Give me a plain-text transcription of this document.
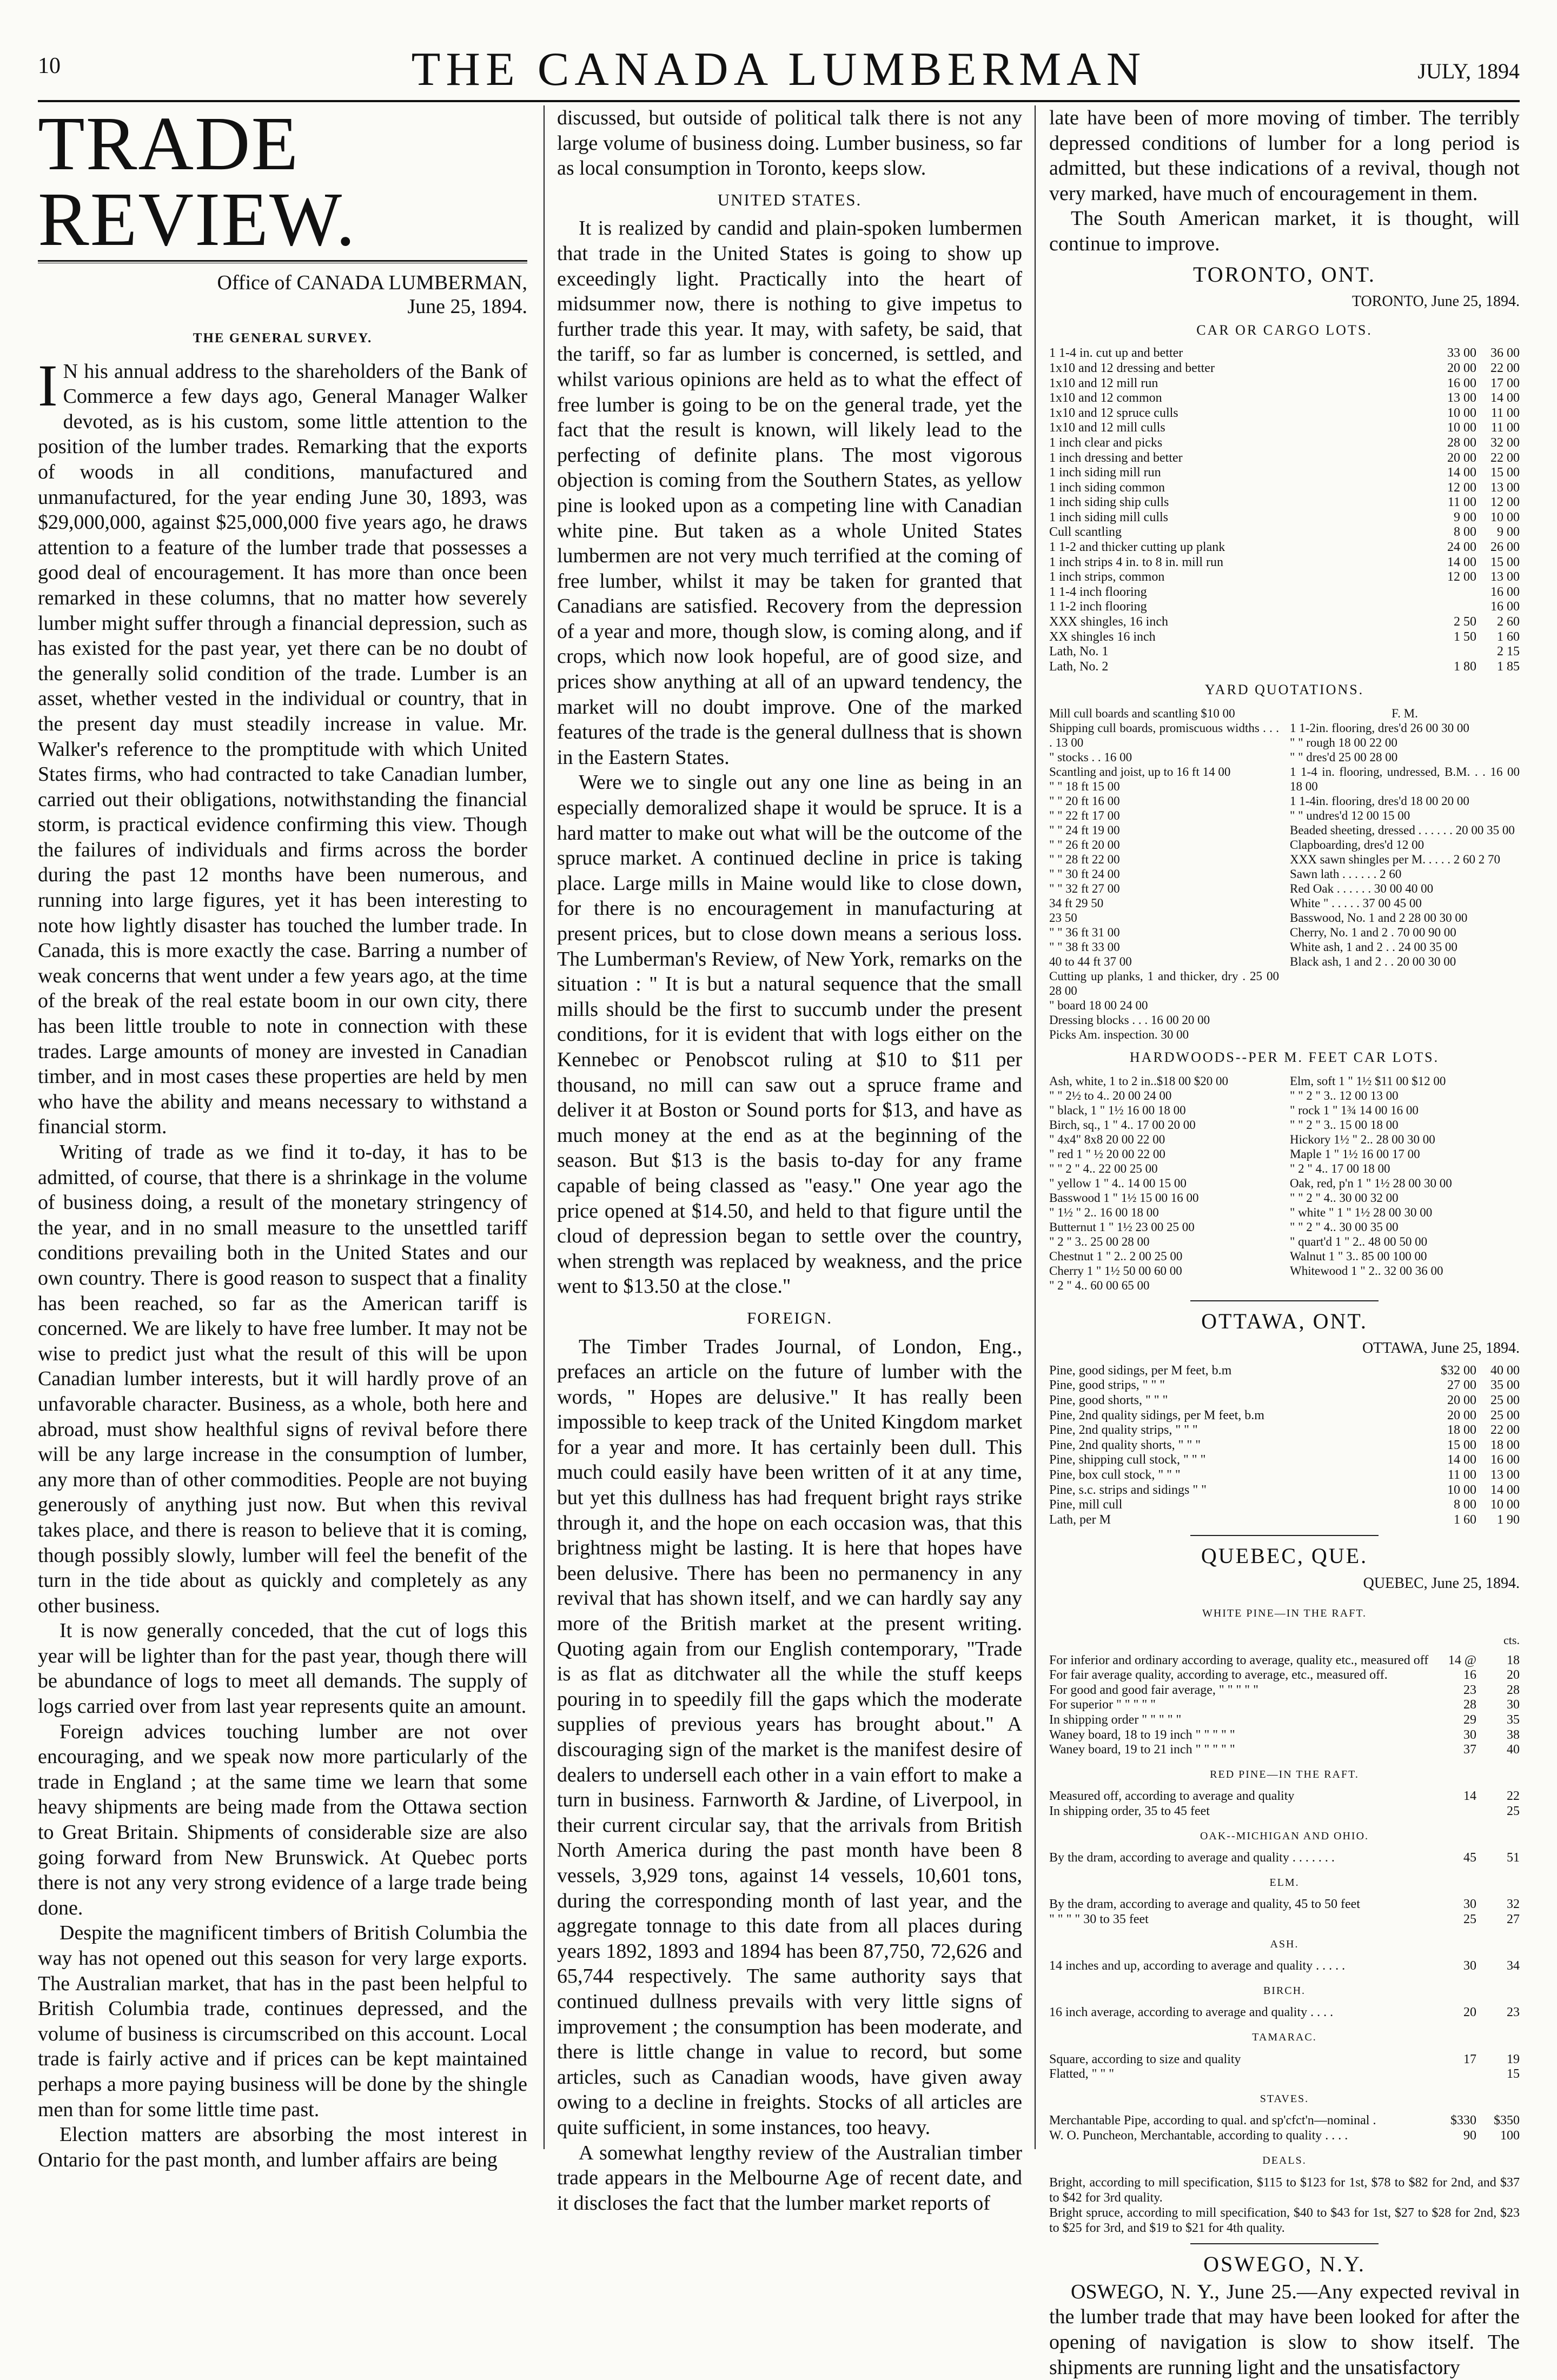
10	THE CANADA LUMBERMAN	JULY, 1894
TRADE REVIEW.
Office of CANADA LUMBERMAN,
June 25, 1894.
THE GENERAL SURVEY.

I N his annual address to the shareholders of the Bank of Commerce a few days ago, General Manager Walker devoted, as is his custom, some little attention to the position of the lumber trades. Remarking that the exports of woods in all conditions, manufactured and unmanufactured, for the year ending June 30, 1893, was $29,000,000, against $25,000,000 five years ago, he draws attention to a feature of the lumber trade that possesses a good deal of encouragement. It has more than once been remarked in these columns, that no matter how severely lumber might suffer through a financial depression, such as has existed for the past year, yet there can be no doubt of the generally solid condition of the trade. Lumber is an asset, whether vested in the individual or country, that in the present day must steadily increase in value. Mr. Walker's reference to the promptitude with which United States firms, who had contracted to take Canadian lumber, carried out their obligations, notwithstanding the financial storm, is practical evidence confirming this view. Though the failures of individuals and firms across the border during the past 12 months have been numerous, and running into large figures, yet it has been interesting to note how lightly disaster has touched the lumber trade. In Canada, this is more exactly the case. Barring a number of weak concerns that went under a few years ago, at the time of the break of the real estate boom in our own city, there has been little trouble to note in connection with these trades. Large amounts of money are invested in Canadian timber, and in most cases these properties are held by men who have the ability and means necessary to withstand a financial storm.

Writing of trade as we find it to-day, it has to be admitted, of course, that there is a shrinkage in the volume of business doing, a result of the monetary stringency of the year, and in no small measure to the unsettled tariff conditions prevailing both in the United States and our own country. There is good reason to suspect that a finality has been reached, so far as the American tariff is concerned. We are likely to have free lumber. It may not be wise to predict just what the result of this will be upon Canadian lumber interests, but it will hardly prove of an unfavorable character. Business, as a whole, both here and abroad, must show healthful signs of revival before there will be any large increase in the consumption of lumber, any more than of other commodities. People are not buying generously of anything just now. But when this revival takes place, and there is reason to believe that it is coming, though possibly slowly, lumber will feel the benefit of the turn in the tide about as quickly and completely as any other business.

It is now generally conceded, that the cut of logs this year will be lighter than for the past year, though there will be abundance of logs to meet all demands. The supply of logs carried over from last year represents quite an amount.

Foreign advices touching lumber are not over encouraging, and we speak now more particularly of the trade in England ; at the same time we learn that some heavy shipments are being made from the Ottawa section to Great Britain. Shipments of considerable size are also going forward from New Brunswick. At Quebec ports there is not any very strong evidence of a large trade being done.

Despite the magnificent timbers of British Columbia the way has not opened out this season for very large exports. The Australian market, that has in the past been helpful to British Columbia trade, continues depressed, and the volume of business is circumscribed on this account. Local trade is fairly active and if prices can be kept maintained perhaps a more paying business will be done by the shingle men than for some little time past.

Election matters are absorbing the most interest in Ontario for the past month, and lumber affairs are being

discussed, but outside of political talk there is not any large volume of business doing. Lumber business, so far as local consumption in Toronto, keeps slow.

UNITED STATES.

It is realized by candid and plain-spoken lumbermen that trade in the United States is going to show up exceedingly light. Practically into the heart of midsummer now, there is nothing to give impetus to further trade this year. It may, with safety, be said, that the tariff, so far as lumber is concerned, is settled, and whilst various opinions are held as to what the effect of free lumber is going to be on the general trade, yet the fact that the result is known, will likely lead to the perfecting of definite plans. The most vigorous objection is coming from the Southern States, as yellow pine is looked upon as a competing line with Canadian white pine. But taken as a whole United States lumbermen are not very much terrified at the coming of free lumber, whilst it may be taken for granted that Canadians are satisfied. Recovery from the depression of a year and more, though slow, is coming along, and if crops, which now look hopeful, are of good size, and prices show anything at all of an upward tendency, the market will no doubt improve. One of the marked features of the trade is the general dullness that is shown in the Eastern States.

Were we to single out any one line as being in an especially demoralized shape it would be spruce. It is a hard matter to make out what will be the outcome of the spruce market. A continued decline in price is taking place. Large mills in Maine would like to close down, for there is no encouragement in manufacturing at present prices, but to close down means a serious loss. The Lumberman's Review, of New York, remarks on the situation : " It is but a natural sequence that the small mills should be the first to succumb under the present conditions, for it is evident that with logs either on the Kennebec or Penobscot ruling at $10 to $11 per thousand, no mill can saw out a spruce frame and deliver it at Boston or Sound ports for $13, and have as much money at the end as at the beginning of the season. But $13 is the basis to-day for any frame capable of being classed as "easy." One year ago the price opened at $14.50, and held to that figure until the cloud of depression began to settle over the country, when strength was replaced by weakness, and the price went to $13.50 at the close."

FOREIGN.

The Timber Trades Journal, of London, Eng., prefaces an article on the future of lumber with the words, " Hopes are delusive." It has really been impossible to keep track of the United Kingdom market for a year and more. It has certainly been dull. This much could easily have been written of it at any time, but yet this dullness has had frequent bright rays strike through it, and the hope on each occasion was, that this brightness might be lasting. It is here that hopes have been delusive. There has been no permanency in any revival that has shown itself, and we can hardly say any more of the British market at the present writing. Quoting again from our English contemporary, "Trade is as flat as ditchwater all the while the stuff keeps pouring in to speedily fill the gaps which the moderate supplies of previous years has brought about." A discouraging sign of the market is the manifest desire of dealers to undersell each other in a vain effort to make a turn in business. Farnworth & Jardine, of Liverpool, in their current circular say, that the arrivals from British North America during the past month have been 8 vessels, 3,929 tons, against 14 vessels, 10,601 tons, during the corresponding month of last year, and the aggregate tonnage to this date from all places during years 1892, 1893 and 1894 has been 87,750, 72,626 and 65,744 respectively. The same authority says that continued dullness prevails with very little signs of improvement ; the consumption has been moderate, and there is little change in value to record, but some articles, such as Canadian woods, have given away owing to a decline in freights. Stocks of all articles are quite sufficient, in some instances, too heavy.

A somewhat lengthy review of the Australian timber trade appears in the Melbourne Age of recent date, and it discloses the fact that the lumber market reports of

late have been of more moving of timber. The terribly depressed conditions of lumber for a long period is admitted, but these indications of a revival, though not very marked, have much of encouragement in them.

The South American market, it is thought, will continue to improve.

TORONTO, ONT.
TORONTO, June 25, 1894.
CAR OR CARGO LOTS.
1 1-4 in. cut up and better	33 00	36 00
1x10 and 12 dressing and better	20 00	22 00
1x10 and 12 mill run	16 00	17 00
1x10 and 12 common	13 00	14 00
1x10 and 12 spruce culls	10 00	11 00
1x10 and 12 mill culls	10 00	11 00
1 inch clear and picks	28 00	32 00
1 inch dressing and better	20 00	22 00
1 inch siding mill run	14 00	15 00
1 inch siding common	12 00	13 00
1 inch siding ship culls	11 00	12 00
1 inch siding mill culls	9 00	10 00
Cull scantling	8 00	9 00
1 1-2 and thicker cutting up plank	24 00	26 00
1 inch strips 4 in. to 8 in. mill run	14 00	15 00
1 inch strips, common	12 00	13 00
1 1-4 inch flooring		16 00
1 1-2 inch flooring		16 00
XXX shingles, 16 inch	2 50	2 60
XX shingles 16 inch	1 50	1 60
Lath, No. 1		2 15
Lath, No. 2	1 80	1 85
YARD QUOTATIONS.
Mill cull boards and scantling $10 00
Shipping cull boards, promiscuous widths . . . . 13 00
" stocks . . 16 00
Scantling and joist, up to 16 ft 14 00
" " 18 ft 15 00
" " 20 ft 16 00
" " 22 ft 17 00
" " 24 ft 19 00
" " 26 ft 20 00
" " 28 ft 22 00
" " 30 ft 24 00
" " 32 ft 27 00
34 ft 29 50
23 50
" " 36 ft 31 00
" " 38 ft 33 00
40 to 44 ft 37 00
Cutting up planks, 1 and thicker, dry . 25 00 28 00
" board 18 00 24 00
Dressing blocks . . . 16 00 20 00
Picks Am. inspection. 30 00
F. M.
1 1-2in. flooring, dres'd 26 00 30 00
" " rough 18 00 22 00
" " dres'd 25 00 28 00
1 1-4 in. flooring, undressed, B.M. . . 16 00 18 00
1 1-4in. flooring, dres'd 18 00 20 00
" " undres'd 12 00 15 00
Beaded sheeting, dressed . . . . . . 20 00 35 00
Clapboarding, dres'd 12 00
XXX sawn shingles per M. . . . . 2 60 2 70
Sawn lath . . . . . . 2 60
Red Oak . . . . . . 30 00 40 00
White " . . . . . 37 00 45 00
Basswood, No. 1 and 2 28 00 30 00
Cherry, No. 1 and 2 . 70 00 90 00
White ash, 1 and 2 . . 24 00 35 00
Black ash, 1 and 2 . . 20 00 30 00
HARDWOODS--PER M. FEET CAR LOTS.
Ash, white, 1 to 2 in..$18 00 $20 00
" " 2½ to 4.. 20 00 24 00
" black, 1 " 1½ 16 00 18 00
Birch, sq., 1 " 4.. 17 00 20 00
" 4x4" 8x8 20 00 22 00
" red 1 " ½ 20 00 22 00
" " 2 " 4.. 22 00 25 00
" yellow 1 " 4.. 14 00 15 00
Basswood 1 " 1½ 15 00 16 00
" 1½ " 2.. 16 00 18 00
Butternut 1 " 1½ 23 00 25 00
" 2 " 3.. 25 00 28 00
Chestnut 1 " 2.. 2 00 25 00
Cherry 1 " 1½ 50 00 60 00
" 2 " 4.. 60 00 65 00
Elm, soft 1 " 1½ $11 00 $12 00
" " 2 " 3.. 12 00 13 00
" rock 1 " 1¾ 14 00 16 00
" " 2 " 3.. 15 00 18 00
Hickory 1½ " 2.. 28 00 30 00
Maple 1 " 1½ 16 00 17 00
" 2 " 4.. 17 00 18 00
Oak, red, p'n 1 " 1½ 28 00 30 00
" " 2 " 4.. 30 00 32 00
" white " 1 " 1½ 28 00 30 00
" " 2 " 4.. 30 00 35 00
" quart'd 1 " 2.. 48 00 50 00
Walnut 1 " 3.. 85 00 100 00
Whitewood 1 " 2.. 32 00 36 00
OTTAWA, ONT.
OTTAWA, June 25, 1894.
Pine, good sidings, per M feet, b.m	$32 00	40 00
Pine, good strips, " " "	27 00	35 00
Pine, good shorts, " " "	20 00	25 00
Pine, 2nd quality sidings, per M feet, b.m	20 00	25 00
Pine, 2nd quality strips, " " "	18 00	22 00
Pine, 2nd quality shorts, " " "	15 00	18 00
Pine, shipping cull stock, " " "	14 00	16 00
Pine, box cull stock, " " "	11 00	13 00
Pine, s.c. strips and sidings " "	10 00	14 00
Pine, mill cull	8 00	10 00
Lath, per M	1 60	1 90
QUEBEC, QUE.
QUEBEC, June 25, 1894.
WHITE PINE—IN THE RAFT.
cts.
For inferior and ordinary according to average, quality etc., measured off	14 @	18
For fair average quality, according to average, etc., measured off.	16	20
For good and good fair average, " " " " "	23	28
For superior " " " " "	28	30
In shipping order " " " " "	29	35
Waney board, 18 to 19 inch " " " " "	30	38
Waney board, 19 to 21 inch " " " " "	37	40
RED PINE—IN THE RAFT.
Measured off, according to average and quality	14	22
In shipping order, 35 to 45 feet		25
OAK--MICHIGAN AND OHIO.
By the dram, according to average and quality . . . . . . .	45	51
ELM.
By the dram, according to average and quality, 45 to 50 feet	30	32
" " " " 30 to 35 feet	25	27
ASH.
14 inches and up, according to average and quality . . . . .	30	34
BIRCH.
16 inch average, according to average and quality . . . .	20	23
TAMARAC.
Square, according to size and quality	17	19
Flatted, " " "		15
STAVES.
Merchantable Pipe, according to qual. and sp'cfct'n—nominal .	$330	$350
W. O. Puncheon, Merchantable, according to quality . . . .	90	100
DEALS.
Bright, according to mill specification, $115 to $123 for 1st, $78 to $82 for 2nd, and $37 to $42 for 3rd quality.
Bright spruce, according to mill specification, $40 to $43 for 1st, $27 to $28 for 2nd, $23 to $25 for 3rd, and $19 to $21 for 4th quality.
OSWEGO, N.Y.

OSWEGO, N. Y., June 25.—Any expected revival in the lumber trade that may have been looked for after the opening of navigation is slow to show itself. The shipments are running light and the unsatisfactory
